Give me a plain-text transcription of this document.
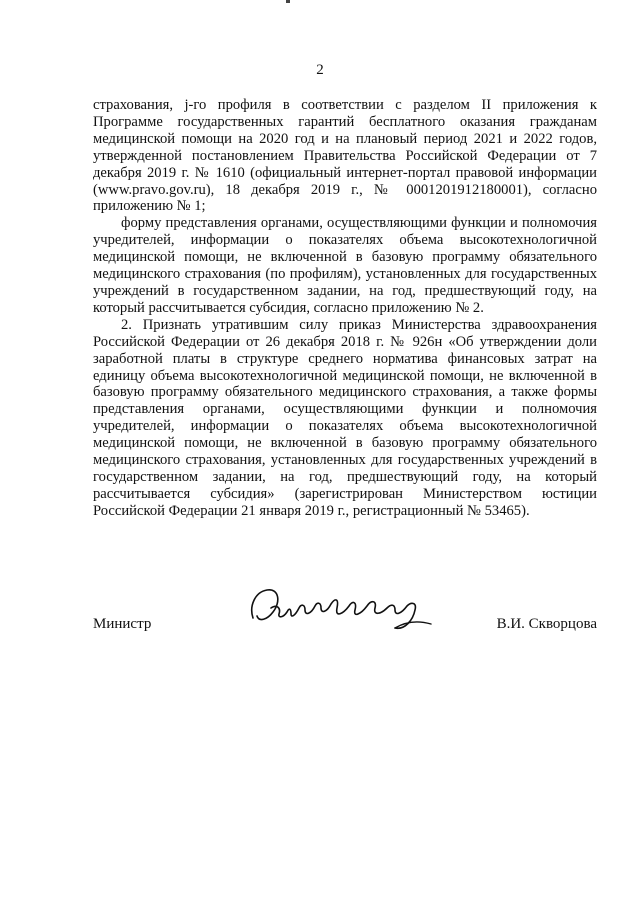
2

страхования, j-го профиля в соответствии с разделом II приложения к Программе государственных гарантий бесплатного оказания гражданам медицинской помощи на 2020 год и на плановый период 2021 и 2022 годов, утвержденной постановлением Правительства Российской Федерации от 7 декабря 2019 г. № 1610 (официальный интернет-портал правовой информации (www.pravo.gov.ru), 18 декабря 2019 г., № 0001201912180001), согласно приложению № 1;

форму представления органами, осуществляющими функции и полномочия учредителей, информации о показателях объема высокотехнологичной медицинской помощи, не включенной в базовую программу обязательного медицинского страхования (по профилям), установленных для государственных учреждений в государственном задании, на год, предшествующий году, на который рассчитывается субсидия, согласно приложению № 2.

2. Признать утратившим силу приказ Министерства здравоохранения Российской Федерации от 26 декабря 2018 г. № 926н «Об утверждении доли заработной платы в структуре среднего норматива финансовых затрат на единицу объема высокотехнологичной медицинской помощи, не включенной в базовую программу обязательного медицинского страхования, а также формы представления органами, осуществляющими функции и полномочия учредителей, информации о показателях объема высокотехнологичной медицинской помощи, не включенной в базовую программу обязательного медицинского страхования, установленных для государственных учреждений в государственном задании, на год, предшествующий году, на который рассчитывается субсидия» (зарегистрирован Министерством юстиции Российской Федерации 21 января 2019 г., регистрационный № 53465).

Министр	В.И. Скворцова
